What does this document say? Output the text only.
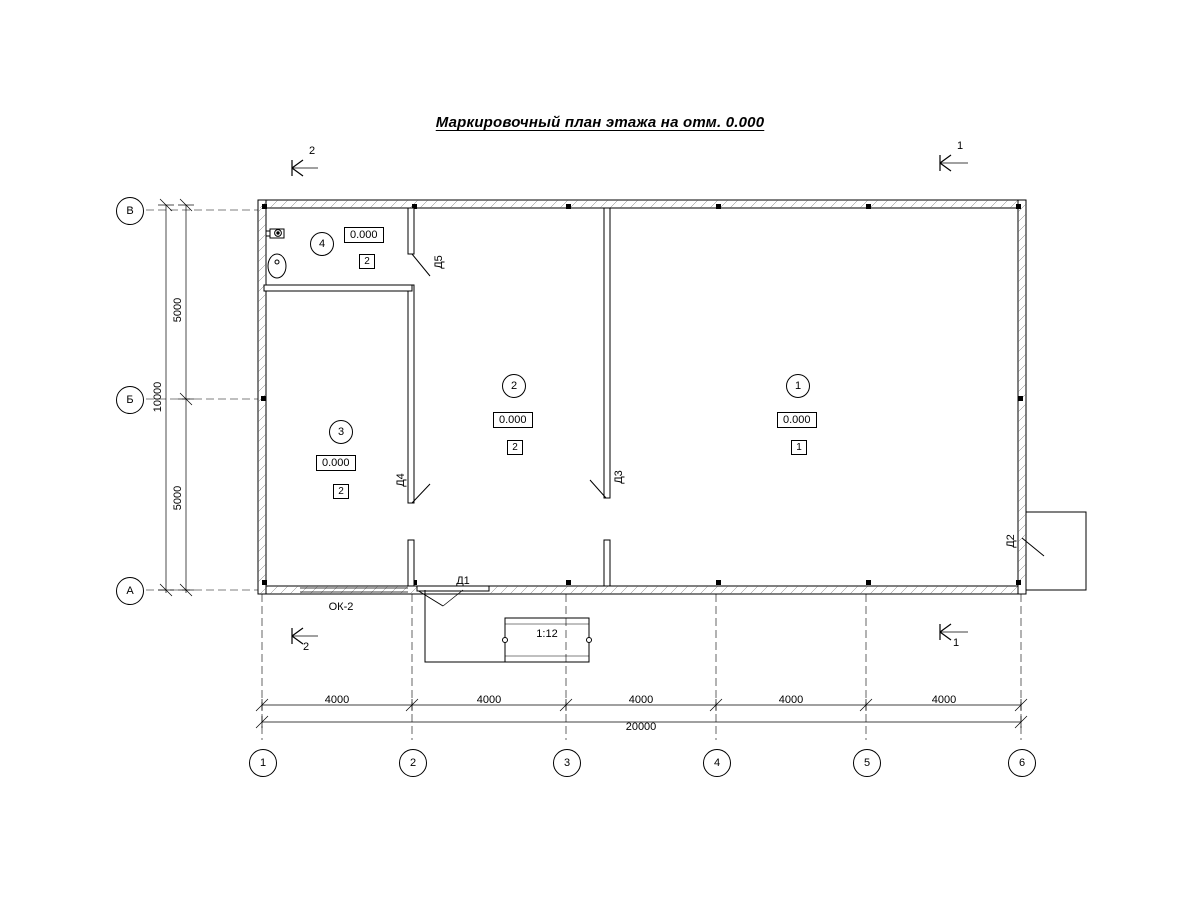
Маркировочный план этажа на отм. 0.000
В
Б
А
1	2	3	4	5	6
5000
10000
5000
4000	4000	4000	4000	4000
20000
1
0.000
1
2
0.000
2
3
0.000
2
4
0.000
2
Д1
Д2
Д3
Д4
Д5
ОК-2
2	1
2	1
1:12
